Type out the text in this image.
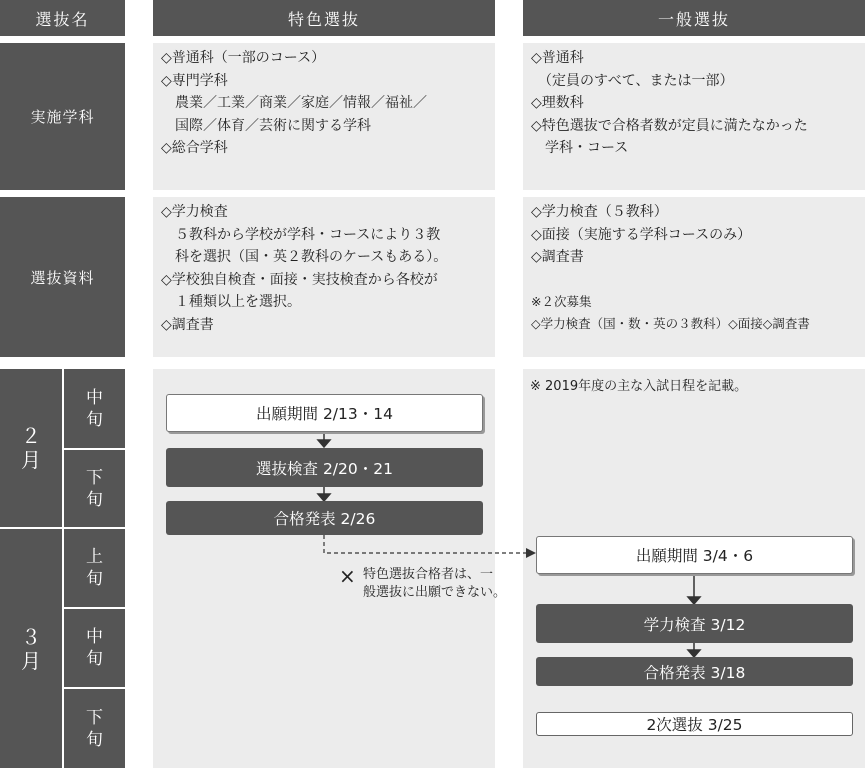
選抜名	特色選抜	一般選抜
実施学科
◇普通科（一部のコース）
◇専門学科
　農業／工業／商業／家庭／情報／福祉／
　国際／体育／芸術に関する学科
◇総合学科
◇普通科
　（定員のすべて、または一部）
◇理数科
◇特色選抜で合格者数が定員に満たなかった
　学科・コース
選抜資料
◇学力検査
　５教科から学校が学科・コースにより３教
　科を選択（国・英２教科のケースもある）。
◇学校独自検査・面接・実技検査から各校が
　１種類以上を選択。
◇調査書
◇学力検査（５教科）
◇面接（実施する学科コースのみ）
◇調査書
※２次募集
◇学力検査（国・数・英の３教科）◇面接◇調査書
２
月
中
旬
下
旬
３
月
上
旬
中
旬
下
旬
※ 2019年度の主な入試日程を記載。
出願期間 2/13・14
選抜検査 2/20・21
合格発表 2/26
× 特色選抜合格者は、一
般選抜に出願できない。
出願期間 3/4・6
学力検査 3/12
合格発表 3/18
2次選抜 3/25
